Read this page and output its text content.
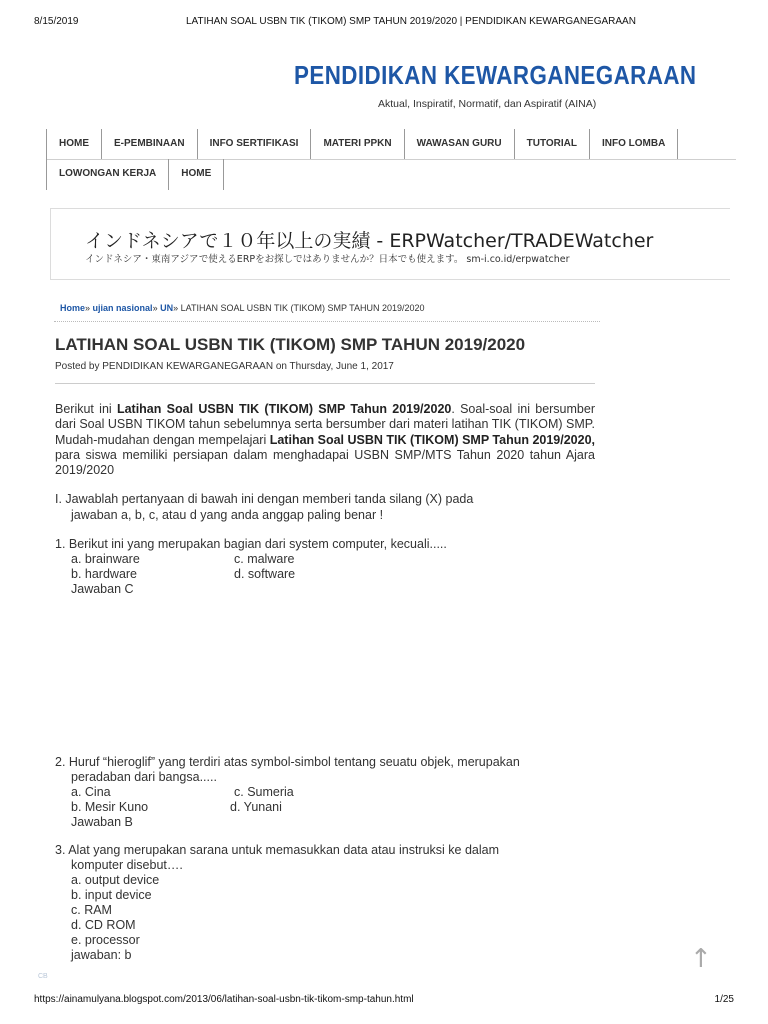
8/15/2019	LATIHAN SOAL USBN TIK (TIKOM) SMP TAHUN 2019/2020 | PENDIDIKAN KEWARGANEGARAAN
PENDIDIKAN KEWARGANEGARAAN
Aktual, Inspiratif, Normatif, dan Aspiratif (AINA)
HOME	E-PEMBINAAN	INFO SERTIFIKASI	MATERI PPKN	WAWASAN GURU	TUTORIAL	INFO LOMBA
LOWONGAN KERJA	HOME
インドネシアで１０年以上の実績 - ERPWatcher/TRADEWatcher
インドネシア・東南アジアで使えるERPをお探しではありませんか？日本でも使えます。 sm-i.co.id/erpwatcher
Home» ujian nasional» UN» LATIHAN SOAL USBN TIK (TIKOM) SMP TAHUN 2019/2020
LATIHAN SOAL USBN TIK (TIKOM) SMP TAHUN 2019/2020
Posted by PENDIDIKAN KEWARGANEGARAAN on Thursday, June 1, 2017
Berikut ini Latihan Soal USBN TIK (TIKOM) SMP Tahun 2019/2020. Soal-soal ini bersumber dari Soal USBN TIKOM tahun sebelumnya serta bersumber dari materi latihan TIK (TIKOM) SMP. Mudah-mudahan dengan mempelajari Latihan Soal USBN TIK (TIKOM) SMP Tahun 2019/2020, para siswa memiliki persiapan dalam menghadapai USBN SMP/MTS Tahun 2020 tahun Ajara 2019/2020
I. Jawablah pertanyaan di bawah ini dengan memberi tanda silang (X) pada
jawaban a, b, c, atau d yang anda anggap paling benar !
1. Berikut ini yang merupakan bagian dari system computer, kecuali.....
a. brainware	c. malware
b. hardware	d. software
Jawaban C
2. Huruf “hieroglif” yang terdiri atas symbol-simbol tentang seuatu objek, merupakan
peradaban dari bangsa.....
a. Cina	c. Sumeria
b. Mesir Kuno	d. Yunani
Jawaban B
3. Alat yang merupakan sarana untuk memasukkan data atau instruksi ke dalam
komputer disebut….
a. output device
b. input device
c. RAM
d. CD ROM
e. processor
jawaban: b
CB
↑
https://ainamulyana.blogspot.com/2013/06/latihan-soal-usbn-tik-tikom-smp-tahun.html	1/25
